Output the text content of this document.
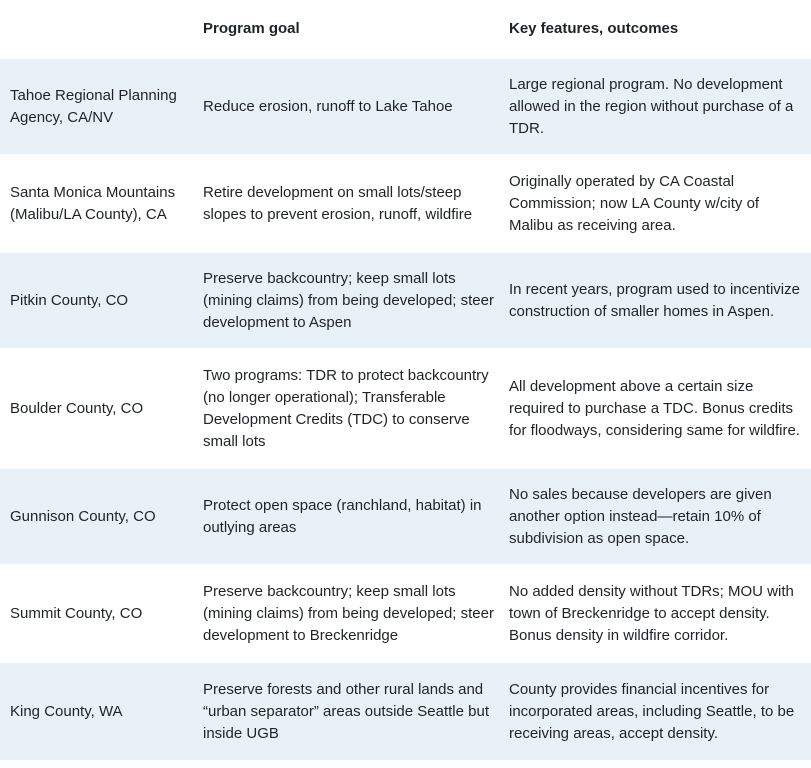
	Program goal	Key features, outcomes
Tahoe Regional Planning Agency, CA/NV	Reduce erosion, runoff to Lake Tahoe	Large regional program. No development allowed in the region without purchase of a TDR.
Santa Monica Mountains (Malibu/LA County), CA	Retire development on small lots/steep slopes to prevent erosion, runoff, wildfire	Originally operated by CA Coastal Commission; now LA County w/city of Malibu as receiving area.
Pitkin County, CO	Preserve backcountry; keep small lots (mining claims) from being developed; steer development to Aspen	In recent years, program used to incentivize construction of smaller homes in Aspen.
Boulder County, CO	Two programs: TDR to protect backcountry (no longer operational); Transferable Development Credits (TDC) to conserve small lots	All development above a certain size required to purchase a TDC. Bonus credits for floodways, considering same for wildfire.
Gunnison County, CO	Protect open space (ranchland, habitat) in outlying areas	No sales because developers are given another option instead—retain 10% of subdivision as open space.
Summit County, CO	Preserve backcountry; keep small lots (mining claims) from being developed; steer development to Breckenridge	No added density without TDRs; MOU with town of Breckenridge to accept density. Bonus density in wildfire corridor.
King County, WA	Preserve forests and other rural lands and “urban separator” areas outside Seattle but inside UGB	County provides financial incentives for incorporated areas, including Seattle, to be receiving areas, accept density.
